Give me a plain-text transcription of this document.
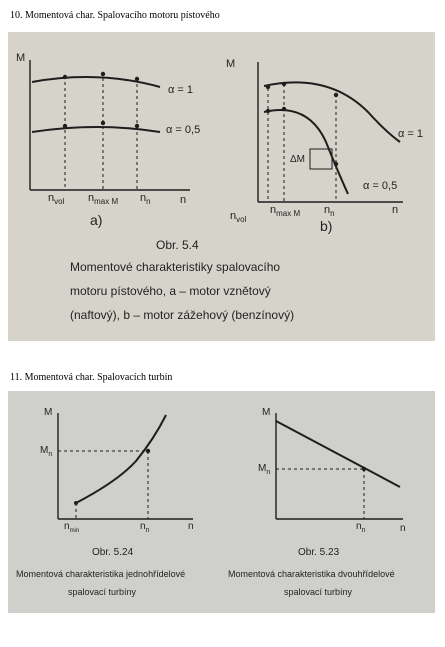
10. Momentová char. Spalovacího motoru pístového
M
n
α = 1
α = 0,5
$n_{vol}$ $n_{max M}$ $n_n$
a)
M
n
α = 1
α = 0,5
ΔM
$n_{vol}$
$n_{max M}$ $n_n$
b)
Obr. 5.4
Momentové charakteristiky spalovacího
motoru pístového, a – motor vznětový
(naftový), b – motor zážehový (benzínový)
11. Momentová char. Spalovacích turbín
M
$M_n$
n
$n_{min}$	$n_n$
Obr. 5.24
Momentová charakteristika jednohřídelové
spalovací turbíny
M
$M_n$
n
$n_n$
Obr. 5.23
Momentová charakteristika dvouhřídelové
spalovací turbíny
